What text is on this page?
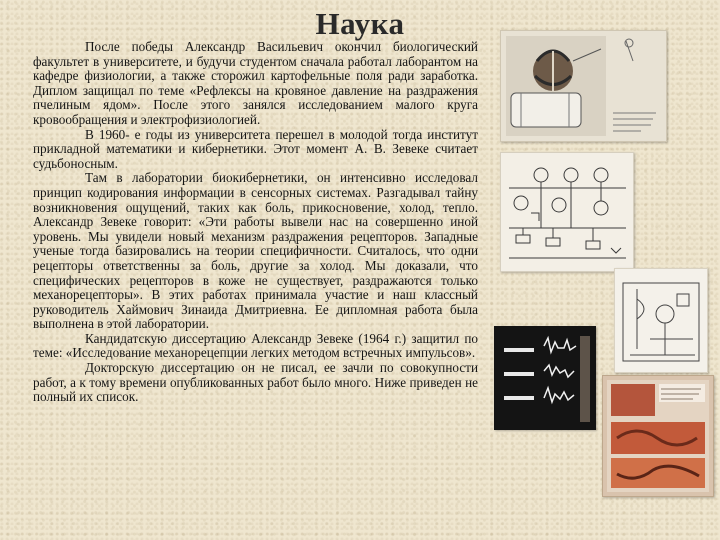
Наука

После победы Александр Васильевич окончил биологический факультет в университете, и будучи студентом сначала работал лаборантом на кафедре физиологии, а также сторожил картофельные поля ради заработка. Диплом защищал по теме «Рефлексы на кровяное давление на раздражения пчелиным ядом». После этого занялся исследованием малого круга кровообращения и электрофизиологией.

В 1960- е годы из университета перешел в молодой тогда институт прикладной математики и кибернетики. Этот момент А. В. Зевеке считает судьбоносным.

Там в лаборатории биокибернетики, он интенсивно исследовал принцип кодирования информации в сенсорных системах. Разгадывал тайну возникновения ощущений, таких как боль, прикосновение, холод, тепло. Александр Зевеке говорит: «Эти работы вывели нас на совершенно иной уровень. Мы увидели новый механизм раздражения рецепторов. Западные ученые тогда базировались на теории специфичности. Считалось, что одни рецепторы ответственны за боль, другие за холод. Мы доказали, что специфических рецепторов в коже не существует, раздражаются только механорецепторы». В этих работах принимала участие и наш классный руководитель Хаймович Зинаида Дмитриевна. Ее дипломная работа была выполнена в этой лаборатории.

Кандидатскую диссертацию Александр Зевеке (1964 г.) защитил по теме: «Исследование механорецепции легких методом встречных импульсов».

Докторскую диссертацию он не писал, ее зачли по совокупности работ, а к тому времени опубликованных работ было много. Ниже приведен не полный их список.
